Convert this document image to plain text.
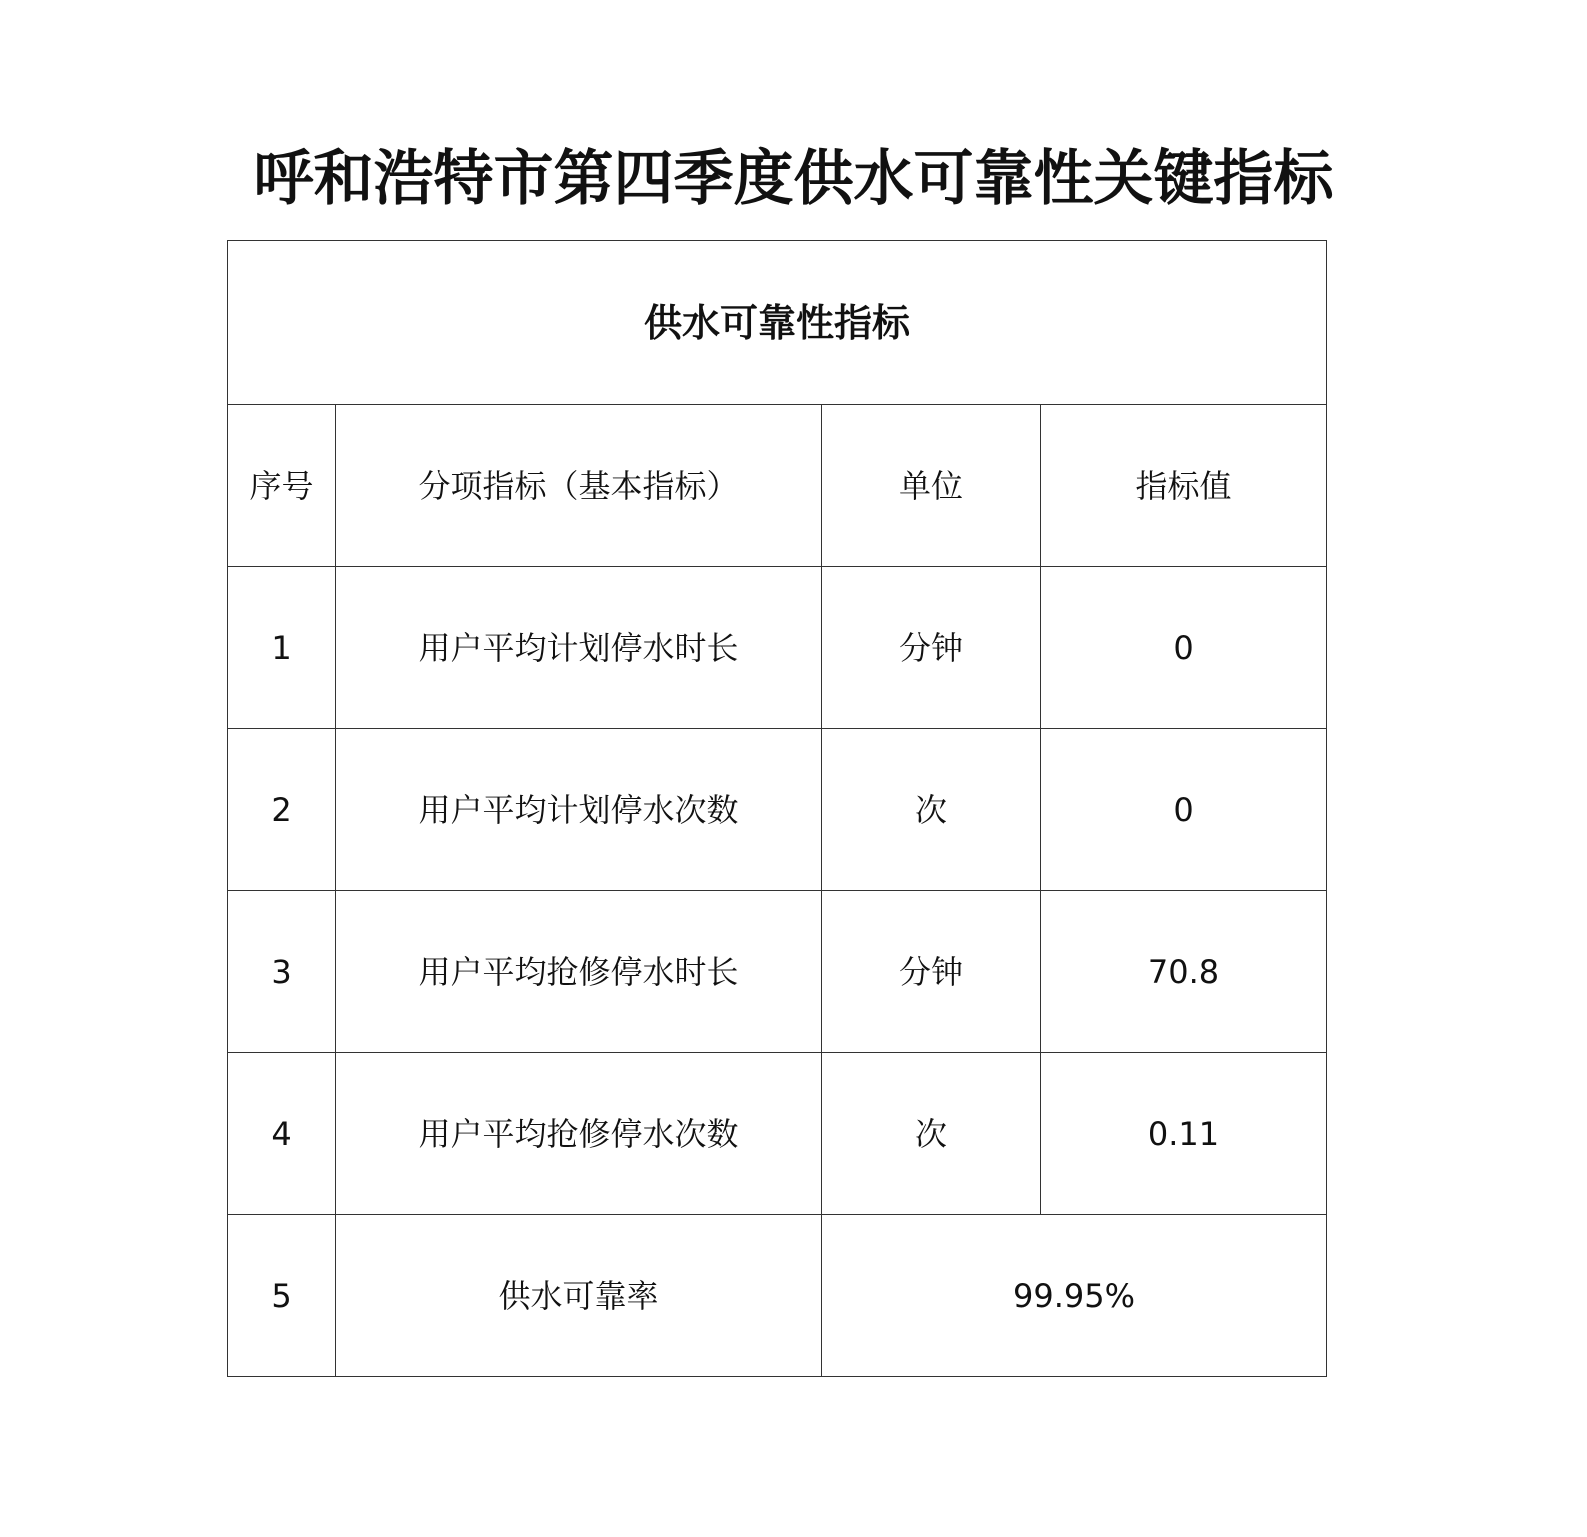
呼和浩特市第四季度供水可靠性关键指标
供水可靠性指标			
序号	分项指标（基本指标）	单位	指标值
1	用户平均计划停水时长	分钟	0
2	用户平均计划停水次数	次	0
3	用户平均抢修停水时长	分钟	70.8
4	用户平均抢修停水次数	次	0.11
5	供水可靠率	99.95%	
